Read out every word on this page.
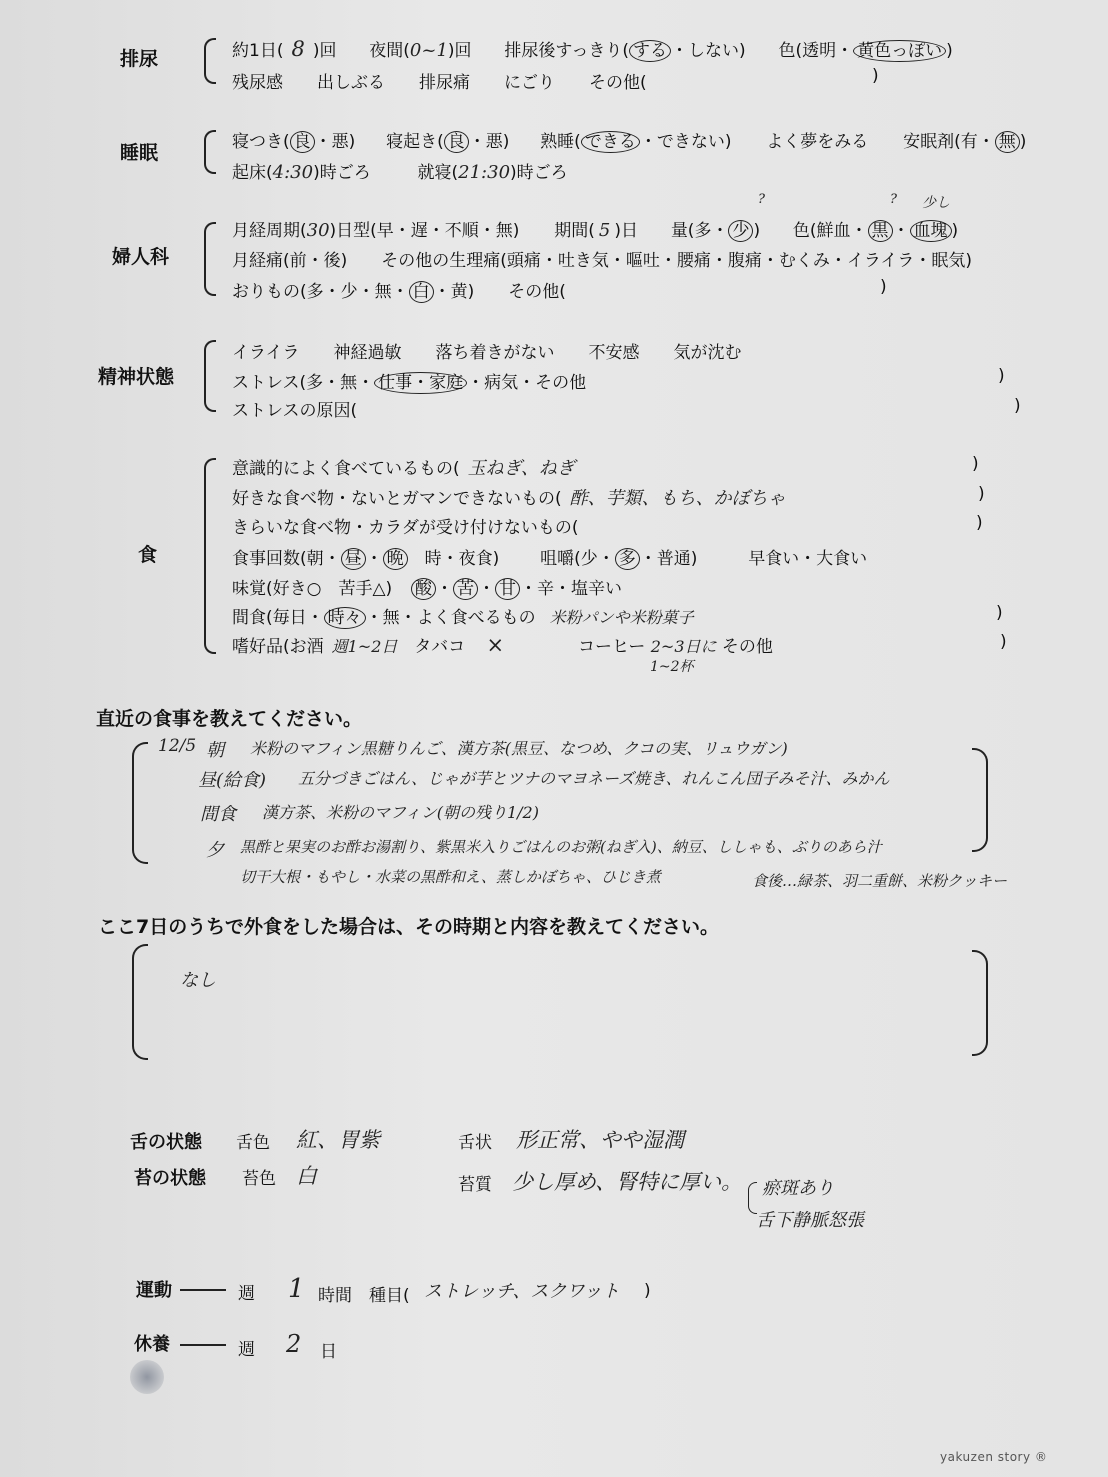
排尿	約1日( 8 )回 夜間(0~1)回 排尿後すっきり( する ・しない) 色(透明・ 黄色っぽい )
残尿感　　出しぶる　　排尿痛　　にごり　　その他(	)
睡眠	寝つき( 良 ・悪) 寝起き( 良 ・悪) 熟睡( できる ・できない) よく夢をみる 安眠剤(有・ 無 )
起床(4:30)時ごろ	就寝(21:30)時ごろ
婦人科
?	? 少し
月経周期(30)日型(早・遅・不順・無) 期間( 5 )日 量(多・ 少 ) 色(鮮血・ 黒 ・ 血塊 )
月経痛(前・後)　　その他の生理痛(頭痛・吐き気・嘔吐・腰痛・腹痛・むくみ・イライラ・眠気)
おりもの(多・少・無・ 白 ・黄)　　その他(	)
精神状態
イライラ　　神経過敏　　落ち着きがない　　不安感　　気が沈む
ストレス(多・無・ 仕事・家庭 ・病気・その他	)
ストレスの原因(	)
食
意識的によく食べているもの( 玉ねぎ、ねぎ	)
好きな食べ物・ないとガマンできないもの( 酢、芋類、もち、かぼちゃ	)
きらいな食べ物・カラダが受け付けないもの(	)
食事回数(朝・ 昼 ・ 晩　時・夜食) 咀嚼(少・ 多 ・普通)	早食い・大食い
味覚(好き○　苦手△) 酸 ・ 苦 ・ 甘 ・辛・塩辛い
間食(毎日・ 時々 ・無・よく食べるもの 米粉パンや米粉菓子	)
嗜好品(お酒 週1~2日 タバコ ×	コーヒー 2~3日に その他
1~2杯
)
直近の食事を教えてください。
12/5 朝 米粉のマフィン黒糖りんご、漢方茶(黒豆、なつめ、クコの実、リュウガン)
昼(給食) 五分づきごはん、じゃが芋とツナのマヨネーズ焼き、れんこん団子みそ汁、みかん
間食 漢方茶、米粉のマフィン(朝の残り1/2)
夕 黒酢と果実のお酢お湯割り、紫黒米入りごはんのお粥(ねぎ入)、納豆、ししゃも、ぶりのあら汁
切干大根・もやし・水菜の黒酢和え、蒸しかぼちゃ、ひじき煮	食後…緑茶、羽二重餅、米粉クッキー
ここ7日のうちで外食をした場合は、その時期と内容を教えてください。
なし
舌の状態 舌色 紅、胃紫	舌状 形正常、やや湿潤
苔の状態 苔色 白	苔質 少し厚め、腎特に厚い。 瘀斑あり
舌下静脈怒張
運動	週 1 時間　種目( ストレッチ、スクワット )
休養	週 2 日
yakuzen story ®
